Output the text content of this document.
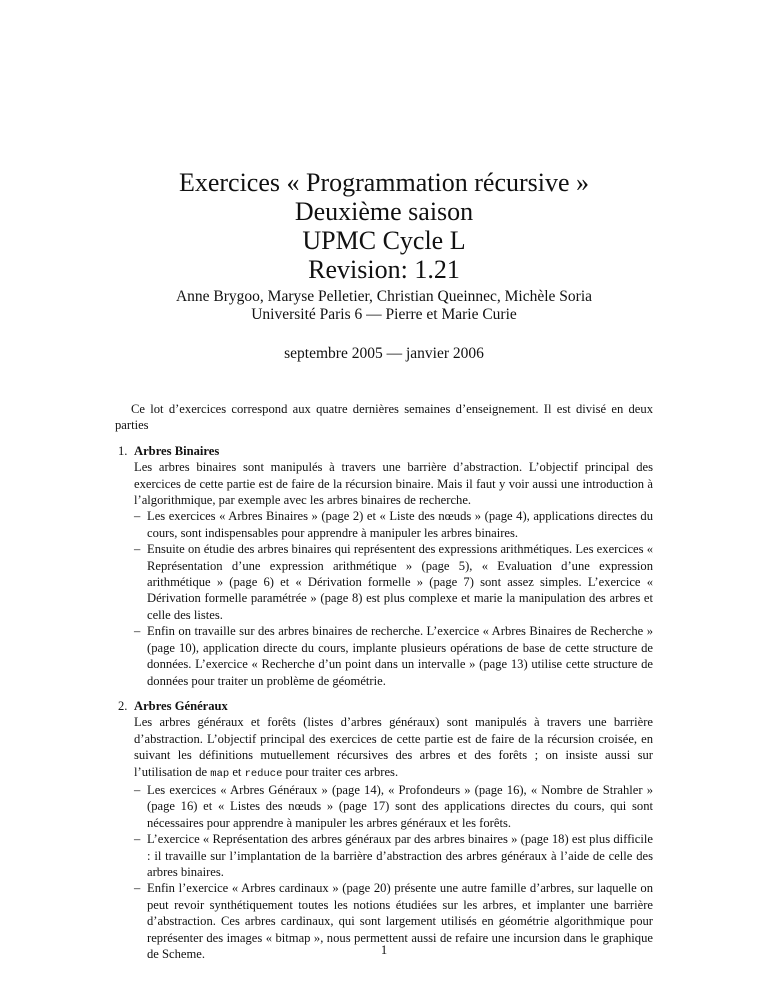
Exercices « Programmation récursive »

Deuxième saison

UPMC Cycle L

Revision: 1.21

Anne Brygoo, Maryse Pelletier, Christian Queinnec, Michèle Soria
Université Paris 6 — Pierre et Marie Curie
septembre 2005 — janvier 2006

Ce lot d’exercices correspond aux quatre dernières semaines d’enseignement. Il est divisé en deux parties

1. Arbres Binaires

Les arbres binaires sont manipulés à travers une barrière d’abstraction. L’objectif principal des exercices de cette partie est de faire de la récursion binaire. Mais il faut y voir aussi une introduction à l’algorithmique, par exemple avec les arbres binaires de recherche.

– Les exercices « Arbres Binaires » (page 2) et « Liste des nœuds » (page 4), applications directes du cours, sont indispensables pour apprendre à manipuler les arbres binaires.
– Ensuite on étudie des arbres binaires qui représentent des expressions arithmétiques. Les exercices « Représentation d’une expression arithmétique » (page 5), « Evaluation d’une expression arithmétique » (page 6) et « Dérivation formelle » (page 7) sont assez simples. L’exercice « Dérivation formelle paramétrée » (page 8) est plus complexe et marie la manipulation des arbres et celle des listes.
– Enfin on travaille sur des arbres binaires de recherche. L’exercice « Arbres Binaires de Recherche » (page 10), application directe du cours, implante plusieurs opérations de base de cette structure de données. L’exercice « Recherche d’un point dans un intervalle » (page 13) utilise cette structure de données pour traiter un problème de géométrie.
2. Arbres Généraux

Les arbres généraux et forêts (listes d’arbres généraux) sont manipulés à travers une barrière d’abstraction. L’objectif principal des exercices de cette partie est de faire de la récursion croisée, en suivant les définitions mutuellement récursives des arbres et des forêts ; on insiste aussi sur l’utilisation de map et reduce pour traiter ces arbres.

– Les exercices « Arbres Généraux » (page 14), « Profondeurs » (page 16), « Nombre de Strahler » (page 16) et « Listes des nœuds » (page 17) sont des applications directes du cours, qui sont nécessaires pour apprendre à manipuler les arbres généraux et les forêts.
– L’exercice « Représentation des arbres généraux par des arbres binaires » (page 18) est plus difficile : il travaille sur l’implantation de la barrière d’abstraction des arbres généraux à l’aide de celle des arbres binaires.
– Enfin l’exercice « Arbres cardinaux » (page 20) présente une autre famille d’arbres, sur laquelle on peut revoir synthétiquement toutes les notions étudiées sur les arbres, et implanter une barrière d’abstraction. Ces arbres cardinaux, qui sont largement utilisés en géométrie algorithmique pour représenter des images « bitmap », nous permettent aussi de refaire une incursion dans le graphique de Scheme.	1
